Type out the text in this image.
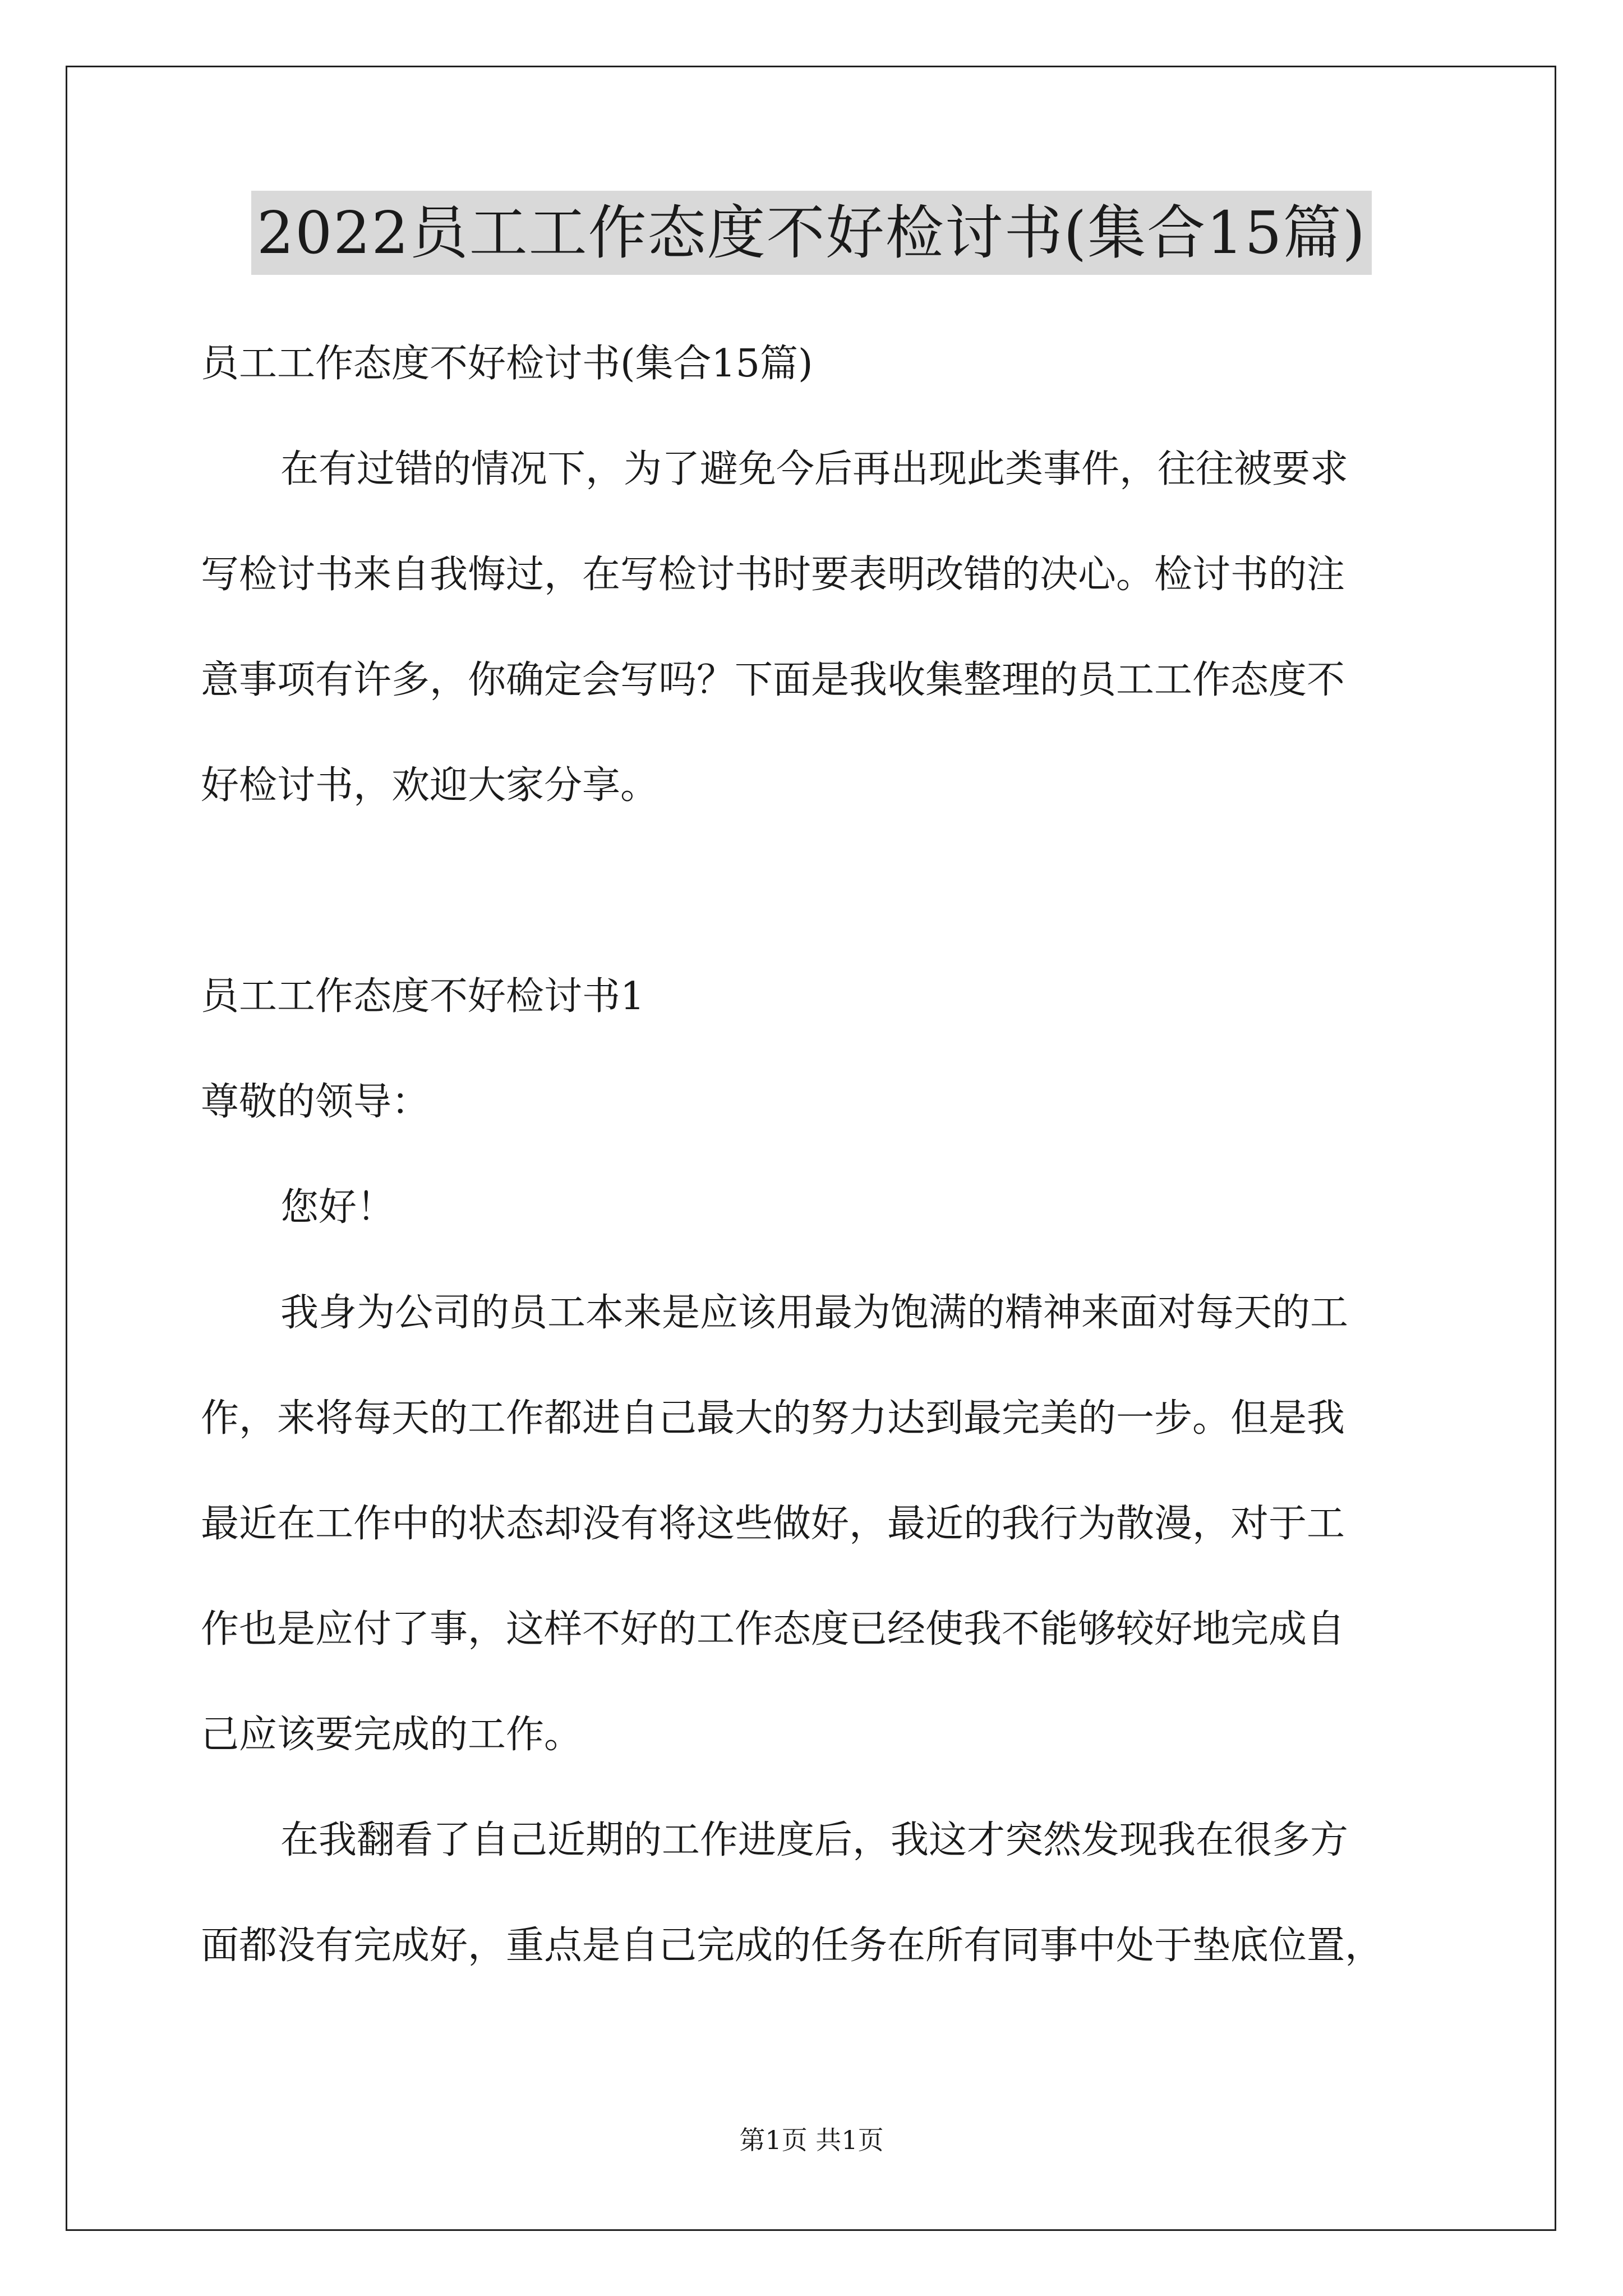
2022员工工作态度不好检讨书(集合15篇)

员工工作态度不好检讨书(集合15篇)

在有过错的情况下，为了避免今后再出现此类事件，往往被要求

写检讨书来自我悔过，在写检讨书时要表明改错的决心。检讨书的注

意事项有许多，你确定会写吗？下面是我收集整理的员工工作态度不

好检讨书，欢迎大家分享。

员工工作态度不好检讨书1

尊敬的领导：

您好！

我身为公司的员工本来是应该用最为饱满的精神来面对每天的工

作，来将每天的工作都进自己最大的努力达到最完美的一步。但是我

最近在工作中的状态却没有将这些做好，最近的我行为散漫，对于工

作也是应付了事，这样不好的工作态度已经使我不能够较好地完成自

己应该要完成的工作。

在我翻看了自己近期的工作进度后，我这才突然发现我在很多方

面都没有完成好，重点是自己完成的任务在所有同事中处于垫底位置，

第1页 共1页
